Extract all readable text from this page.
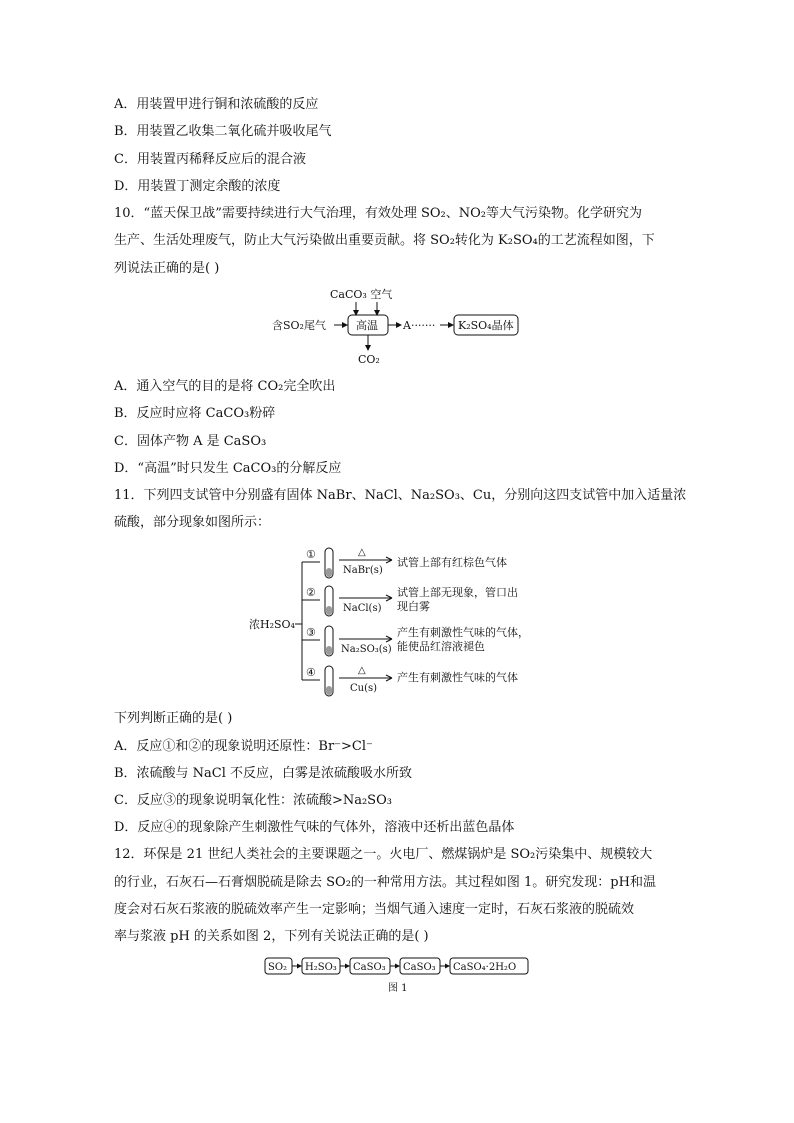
A．用装置甲进行铜和浓硫酸的反应
B．用装置乙收集二氧化硫并吸收尾气
C．用装置丙稀释反应后的混合液
D．用装置丁测定余酸的浓度
10．“蓝天保卫战”需要持续进行大气治理，有效处理 SO₂、NO₂等大气污染物。化学研究为
生产、生活处理废气，防止大气污染做出重要贡献。将 SO₂转化为 K₂SO₄的工艺流程如图，下
列说法正确的是( )
CaCO₃ 空气
含SO₂尾气	高温 A······· K₂SO₄晶体
CO₂
A．通入空气的目的是将 CO₂完全吹出
B．反应时应将 CaCO₃粉碎
C．固体产物 A 是 CaSO₃
D．“高温”时只发生 CaCO₃的分解反应
11．下列四支试管中分别盛有固体 NaBr、NaCl、Na₂SO₃、Cu，分别向这四支试管中加入适量浓
硫酸，部分现象如图所示：
浓H₂SO₄
①	△
NaBr(s)
试管上部有红棕色气体
②
NaCl(s)
试管上部无现象，管口出
现白雾
③
Na₂SO₃(s)
产生有刺激性气味的气体，
能使品红溶液褪色
④	△
Cu(s)
产生有刺激性气味的气体
下列判断正确的是( )
A．反应①和②的现象说明还原性：Br⁻>Cl⁻
B．浓硫酸与 NaCl 不反应，白雾是浓硫酸吸水所致
C．反应③的现象说明氧化性：浓硫酸>Na₂SO₃
D．反应④的现象除产生刺激性气味的气体外，溶液中还析出蓝色晶体
12．环保是 21 世纪人类社会的主要课题之一。火电厂、燃煤锅炉是 SO₂污染集中、规模较大
的行业，石灰石—石膏烟脱硫是除去 SO₂的一种常用方法。其过程如图 1。研究发现：pH和温
度会对石灰石浆液的脱硫效率产生一定影响；当烟气通入速度一定时，石灰石浆液的脱硫效
率与浆液 pH 的关系如图 2，下列有关说法正确的是( )
SO₂ H₂SO₃ CaSO₃ CaSO₃ CaSO₄·2H₂O
图 1
